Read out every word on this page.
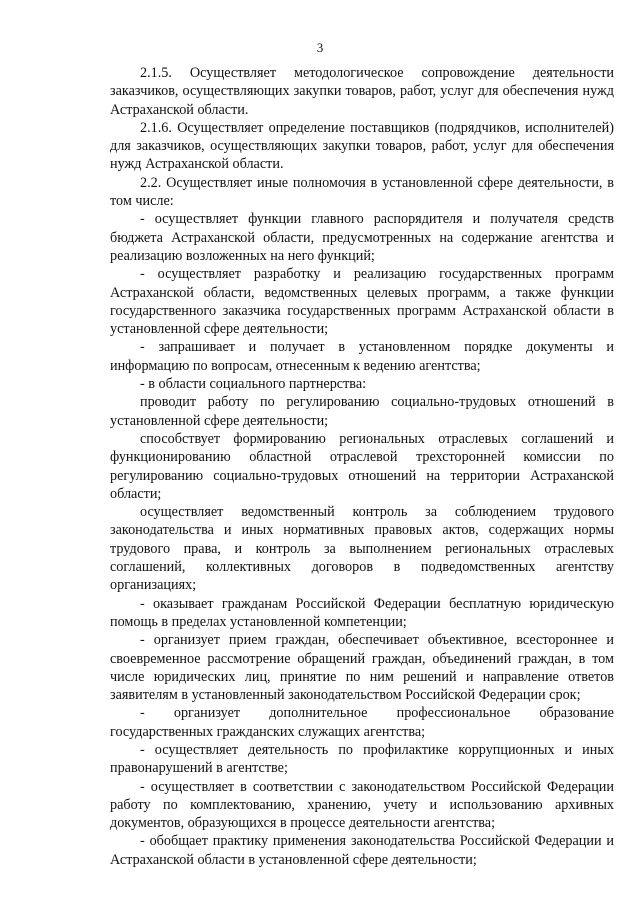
3

2.1.5. Осуществляет методологическое сопровождение деятельности заказчиков, осуществляющих закупки товаров, работ, услуг для обеспечения нужд Астраханской области.

2.1.6. Осуществляет определение поставщиков (подрядчиков, исполнителей) для заказчиков, осуществляющих закупки товаров, работ, услуг для обеспечения нужд Астраханской области.

2.2. Осуществляет иные полномочия в установленной сфере деятельности, в том числе:

- осуществляет функции главного распорядителя и получателя средств бюджета Астраханской области, предусмотренных на содержание агентства и реализацию возложенных на него функций;

- осуществляет разработку и реализацию государственных программ Астраханской области, ведомственных целевых программ, а также функции государственного заказчика государственных программ Астраханской области в установленной сфере деятельности;

- запрашивает и получает в установленном порядке документы и информацию по вопросам, отнесенным к ведению агентства;

- в области социального партнерства:

проводит работу по регулированию социально-трудовых отношений в установленной сфере деятельности;

способствует формированию региональных отраслевых соглашений и функционированию областной отраслевой трехсторонней комиссии по регулированию социально-трудовых отношений на территории Астраханской области;

осуществляет ведомственный контроль за соблюдением трудового законодательства и иных нормативных правовых актов, содержащих нормы трудового права, и контроль за выполнением региональных отраслевых соглашений, коллективных договоров в подведомственных агентству организациях;

- оказывает гражданам Российской Федерации бесплатную юридическую помощь в пределах установленной компетенции;

- организует прием граждан, обеспечивает объективное, всестороннее и своевременное рассмотрение обращений граждан, объединений граждан, в том числе юридических лиц, принятие по ним решений и направление ответов заявителям в установленный законодательством Российской Федерации срок;

- организует дополнительное профессиональное образование государственных гражданских служащих агентства;

- осуществляет деятельность по профилактике коррупционных и иных правонарушений в агентстве;

- осуществляет в соответствии с законодательством Российской Федерации работу по комплектованию, хранению, учету и использованию архивных документов, образующихся в процессе деятельности агентства;

- обобщает практику применения законодательства Российской Федерации и Астраханской области в установленной сфере деятельности;
